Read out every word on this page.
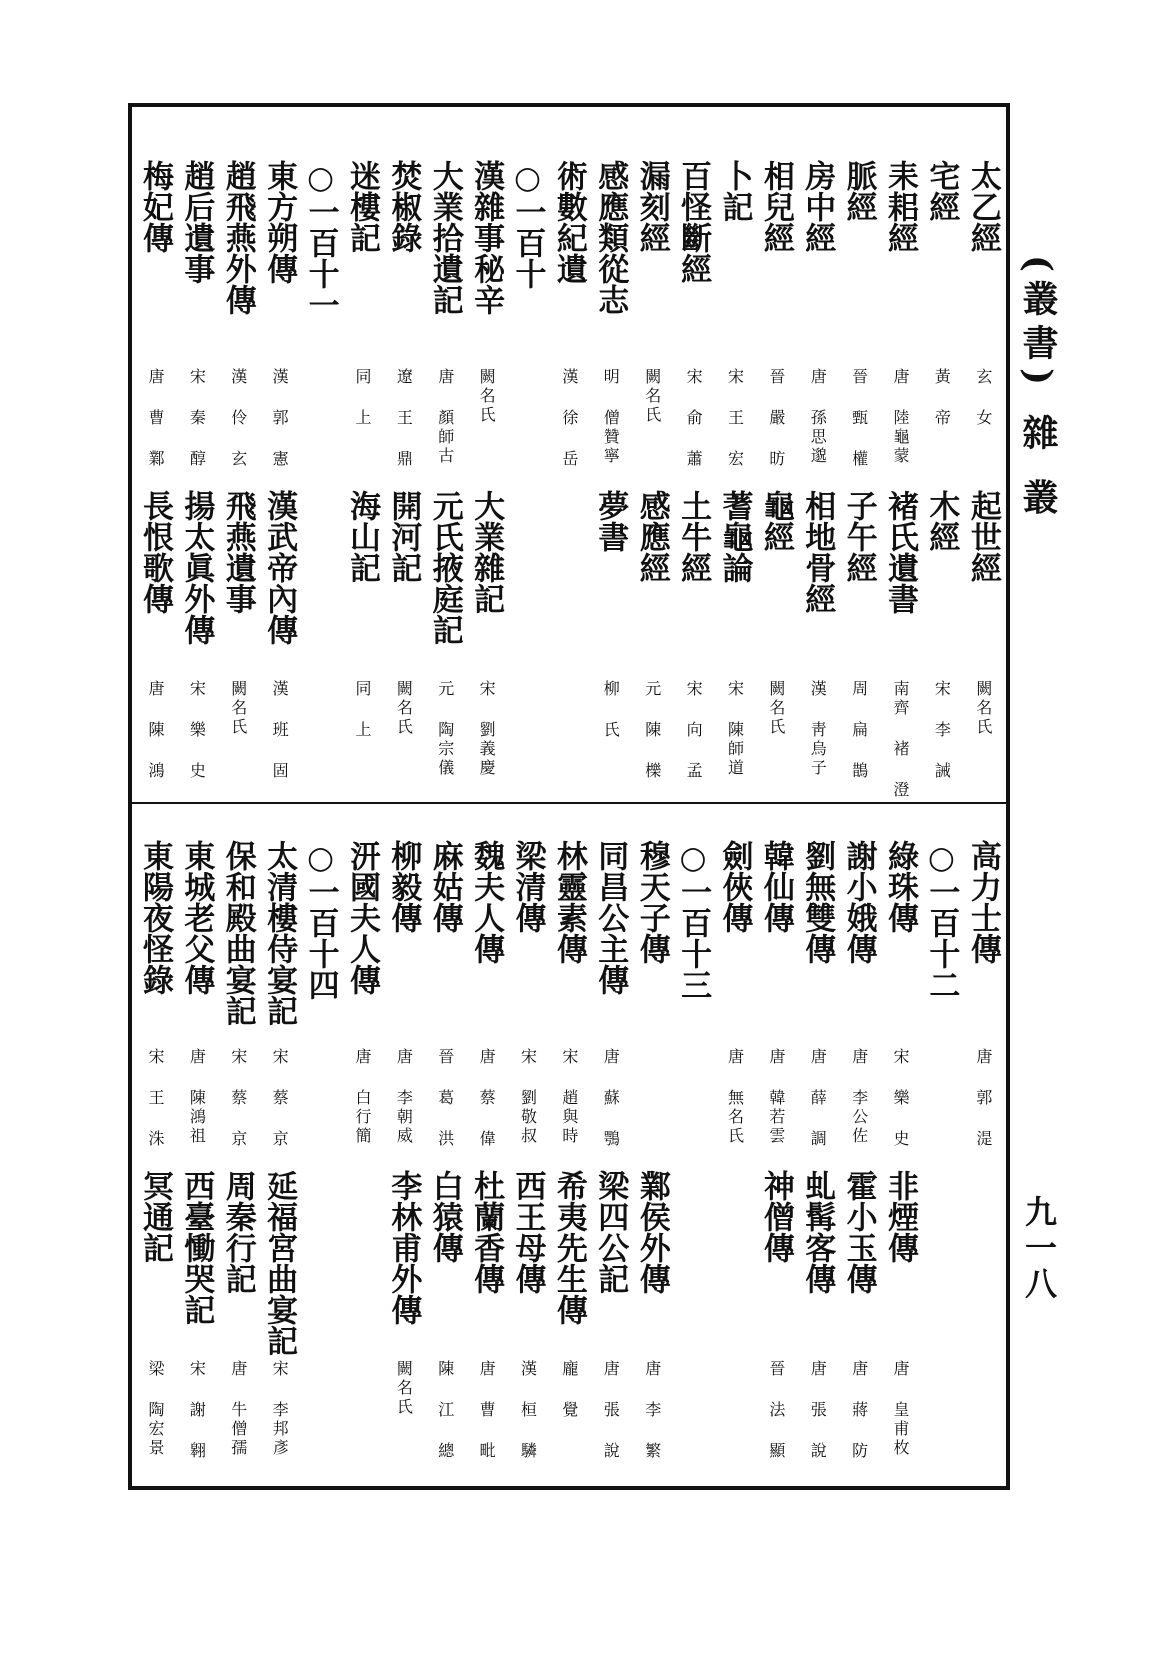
(叢書) 雜 叢
九一八
太乙經
玄 女
起世經
闕名氏
宅經
黃 帝
木經
宋 李 誡
耒耜經
唐 陸龜蒙
褚氏遺書
南齊 褚 澄
脈經
晉 甄 權
子午經
周 扁 鵲
房中經
唐 孫思邈
相地骨經
漢 靑烏子
相兒經
晉 嚴 昉
龜經
闕名氏
卜記
宋 王 宏
蓍龜論
宋 陳師道
百怪斷經
宋 俞 蕭
土牛經
宋 向 孟
漏刻經
闕名氏
感應經
元 陳 櫟
感應類從志
明 僧贊寧
夢書
柳 氏
術數紀遺
漢 徐 岳
○一百十
漢雜事秘辛
闕名氏
大業雜記
宋 劉義慶
大業拾遺記
唐 顏師古
元氏掖庭記
元 陶宗儀
焚椒錄
遼 王 鼎
開河記
闕名氏
迷樓記
同 上
海山記
同 上
○一百十一
東方朔傳
漢 郭 憲
漢武帝內傳
漢 班 固
趙飛燕外傳
漢 伶 玄
飛燕遺事
闕名氏
趙后遺事
宋 秦 醇
揚太眞外傳
宋 樂 史
梅妃傳
唐 曹 鄴
長恨歌傳
唐 陳 鴻
高力士傳
唐 郭 湜
○一百十二
綠珠傳
宋 樂 史
非煙傳
唐 皇甫枚
謝小娥傳
唐 李公佐
霍小玉傳
唐 蔣 防
劉無雙傳
唐 薛 調
虬髯客傳
唐 張 說
韓仙傳
唐 韓若雲
神僧傳
晉 法 顯
劍俠傳
唐 無名氏
○一百十三
穆天子傳
鄴侯外傳
唐 李 繁
同昌公主傳
唐 蘇 鶚
梁四公記
唐 張 說
林靈素傳
宋 趙與時
希夷先生傳
龐 覺
梁清傳
宋 劉敬叔
西王母傳
漢 桓 驎
魏夫人傳
唐 蔡 偉
杜蘭香傳
唐 曹 毗
麻姑傳
晉 葛 洪
白猿傳
陳 江 總
柳毅傳
唐 李朝威
李林甫外傳
闕名氏
汧國夫人傳
唐 白行簡
○一百十四
太清樓侍宴記
宋 蔡 京
延福宮曲宴記
宋 李邦彥
保和殿曲宴記
宋 蔡 京
周秦行記
唐 牛僧孺
東城老父傳
唐 陳鴻祖
西臺慟哭記
宋 謝 翱
東陽夜怪錄
宋 王 洙
冥通記
梁 陶宏景
